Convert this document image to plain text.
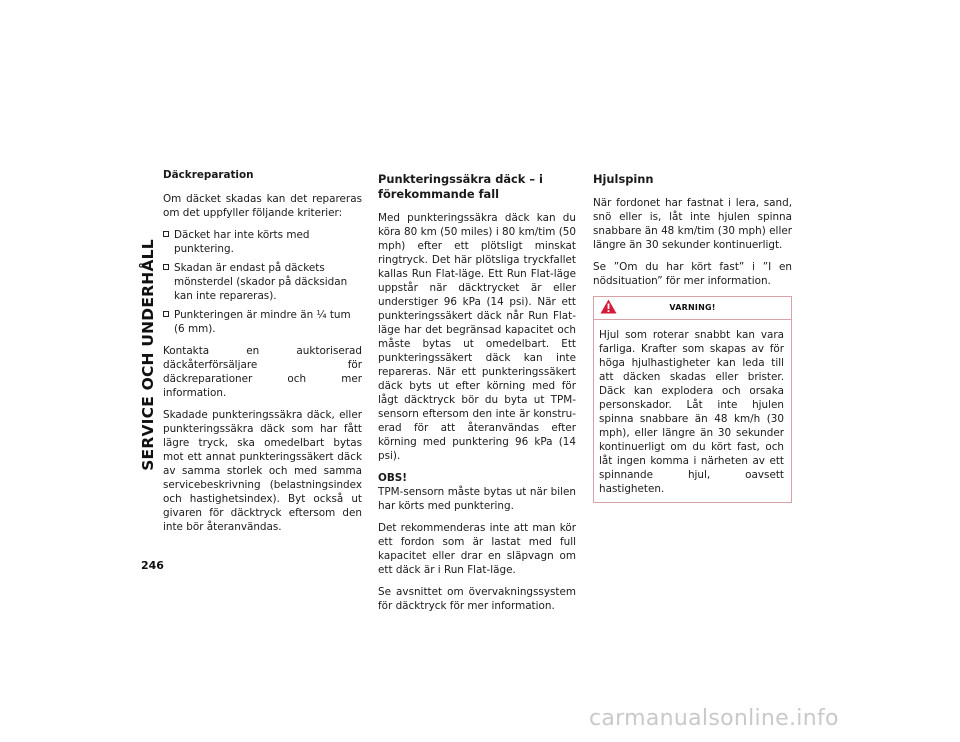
SERVICE OCH UNDERHÅLL
246
Däckreparation

Om däcket skadas kan det repareras om det uppfyller följande kriterier:

Däcket har inte körts med punktering.
Skadan är endast på däckets mönsterdel (skador på däcksidan kan inte repareras).
Punkteringen är mindre än ¼ tum (6 mm).

Kontakta en auktoriserad däckåterförsäljare för däckreparationer och mer information.

Skadade punkteringssäkra däck, eller punkteringssäkra däck som har fått lägre tryck, ska omedelbart bytas mot ett annat punkteringssäkert däck av samma storlek och med samma servicebeskrivning (belastningsindex och hastighetsindex). Byt också ut givaren för däcktryck eftersom den inte bör återanvändas.

Punkteringssäkra däck – i förekommande fall

Med punkteringssäkra däck kan du köra 80 km (50 miles) i 80 km/tim (50 mph) efter ett plötsligt minskat ringtryck. Det här plötsliga tryckfallet kallas Run Flat-läge. Ett Run Flat-läge uppstår när däcktrycket är eller understiger 96 kPa (14 psi). När ett punkteringssäkert däck når Run Flat-läge har det begränsad kapacitet och måste bytas ut omedelbart. Ett punkteringssäkert däck kan inte repareras. När ett punkteringssäkert däck byts ut efter körning med för lågt däcktryck bör du byta ut TPM-sensorn eftersom den inte är konstruerad för att återanvändas efter körning med punktering 96 kPa (14 psi).

OBS!
TPM-sensorn måste bytas ut när bilen har körts med punktering.

Det rekommenderas inte att man kör ett fordon som är lastat med full kapacitet eller drar en släpvagn om ett däck är i Run Flat-läge.

Se avsnittet om övervakningssystem för däcktryck för mer information.

Hjulspinn

När fordonet har fastnat i lera, sand, snö eller is, låt inte hjulen spinna snabbare än 48 km/tim (30 mph) eller längre än 30 sekunder kontinuerligt.

Se ”Om du har kört fast” i ”I en nödsituation” för mer information.

VARNING!

Hjul som roterar snabbt kan vara farliga. Krafter som skapas av för höga hjulhastigheter kan leda till att däcken skadas eller brister. Däck kan explodera och orsaka personskador. Låt inte hjulen spinna snabbare än 48 km/h (30 mph), eller längre än 30 sekunder kontinuerligt om du kört fast, och låt ingen komma i närheten av ett spinnande hjul, oavsett hastigheten.

carmanualsonline.info
